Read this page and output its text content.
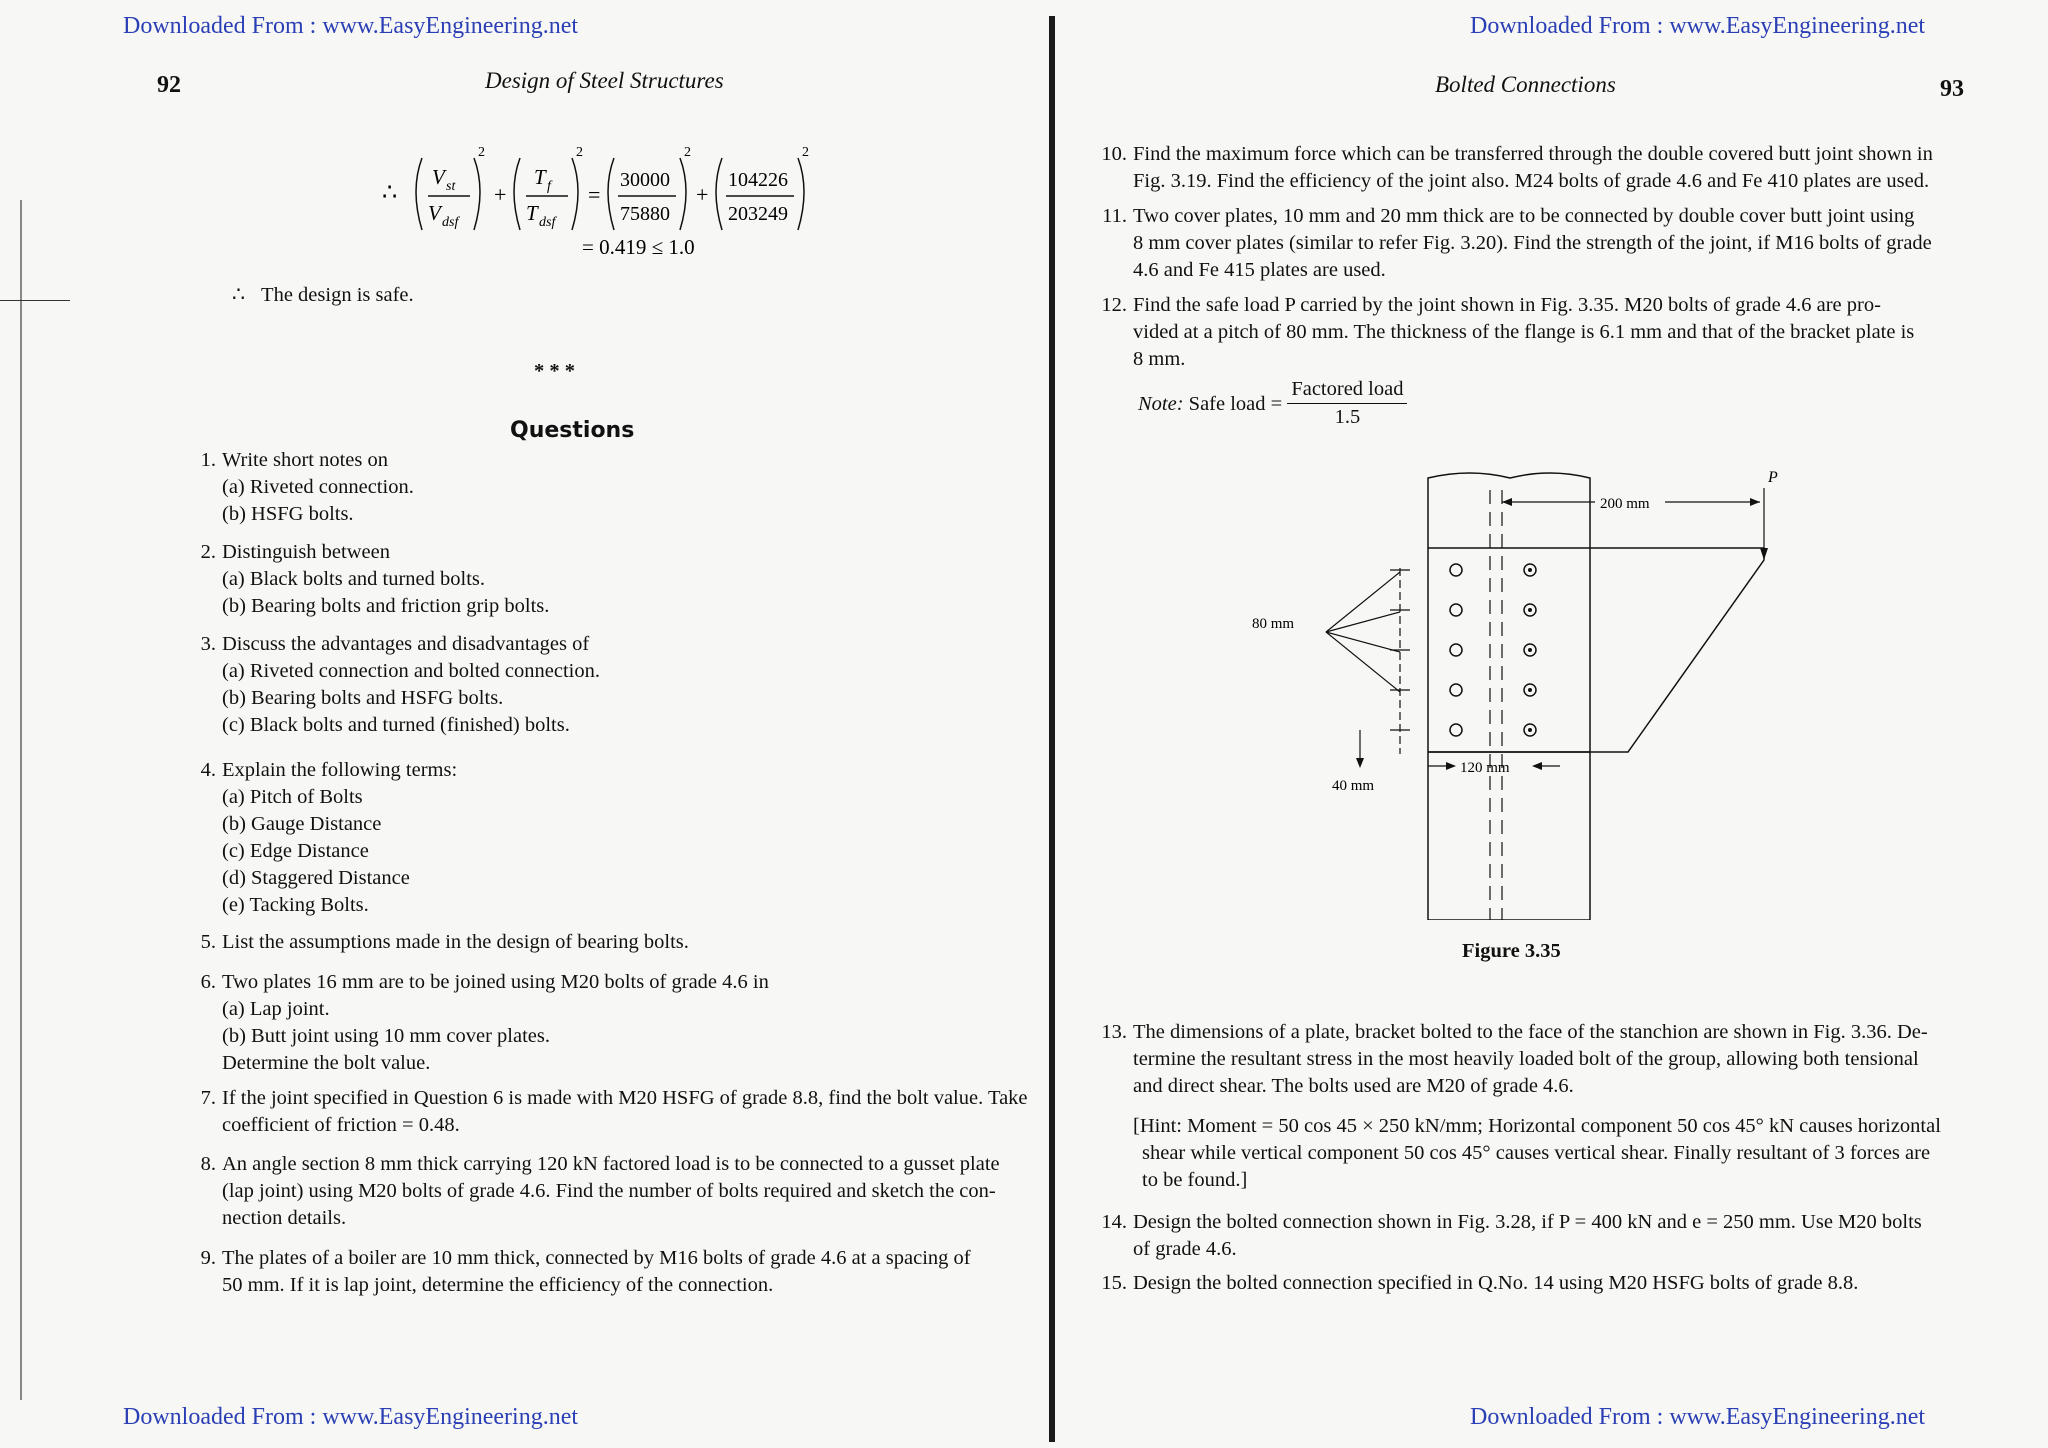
Downloaded From : www.EasyEngineering.net	Downloaded From : www.EasyEngineering.net
92	Design of Steel Structures	Bolted Connections	93
∴
V st
V dsf
2
+
T f
T dsf
2
=
30000
75880
2
+
104226
203249
2
= 0.419 ≤ 1.0
∴ The design is safe.
* * *
Questions
1. Write short notes on
(a) Riveted connection.
(b) HSFG bolts.
2. Distinguish between
(a) Black bolts and turned bolts.
(b) Bearing bolts and friction grip bolts.
3. Discuss the advantages and disadvantages of
(a) Riveted connection and bolted connection.
(b) Bearing bolts and HSFG bolts.
(c) Black bolts and turned (finished) bolts.
4. Explain the following terms:
(a) Pitch of Bolts
(b) Gauge Distance
(c) Edge Distance
(d) Staggered Distance
(e) Tacking Bolts.
5. List the assumptions made in the design of bearing bolts.
6. Two plates 16 mm are to be joined using M20 bolts of grade 4.6 in
(a) Lap joint.
(b) Butt joint using 10 mm cover plates.
Determine the bolt value.
7. If the joint specified in Question 6 is made with M20 HSFG of grade 8.8, find the bolt value. Take
coefficient of friction = 0.48.
8. An angle section 8 mm thick carrying 120 kN factored load is to be connected to a gusset plate
(lap joint) using M20 bolts of grade 4.6. Find the number of bolts required and sketch the con-
nection details.
9. The plates of a boiler are 10 mm thick, connected by M16 bolts of grade 4.6 at a spacing of
50 mm. If it is lap joint, determine the efficiency of the connection.
10. Find the maximum force which can be transferred through the double covered butt joint shown in
Fig. 3.19. Find the efficiency of the joint also. M24 bolts of grade 4.6 and Fe 410 plates are used.
11. Two cover plates, 10 mm and 20 mm thick are to be connected by double cover butt joint using
8 mm cover plates (similar to refer Fig. 3.20). Find the strength of the joint, if M16 bolts of grade
4.6 and Fe 415 plates are used.
12. Find the safe load P carried by the joint shown in Fig. 3.35. M20 bolts of grade 4.6 are pro-
vided at a pitch of 80 mm. The thickness of the flange is 6.1 mm and that of the bracket plate is
8 mm.
13. The dimensions of a plate, bracket bolted to the face of the stanchion are shown in Fig. 3.36. De-
termine the resultant stress in the most heavily loaded bolt of the group, allowing both tensional
and direct shear. The bolts used are M20 of grade 4.6.
14. Design the bolted connection shown in Fig. 3.28, if P = 400 kN and e = 250 mm. Use M20 bolts
of grade 4.6.
15. Design the bolted connection specified in Q.No. 14 using M20 HSFG bolts of grade 8.8.
Note: Safe load = $\frac{\text{Factored load}}{1.5}$
200 mm
P
80 mm
40 mm
120 mm
Figure 3.35
[Hint: Moment = 50 cos 45 × 250 kN/mm; Horizontal component 50 cos 45° kN causes horizontal
shear while vertical component 50 cos 45° causes vertical shear. Finally resultant of 3 forces are
to be found.]
Downloaded From : www.EasyEngineering.net	Downloaded From : www.EasyEngineering.net
